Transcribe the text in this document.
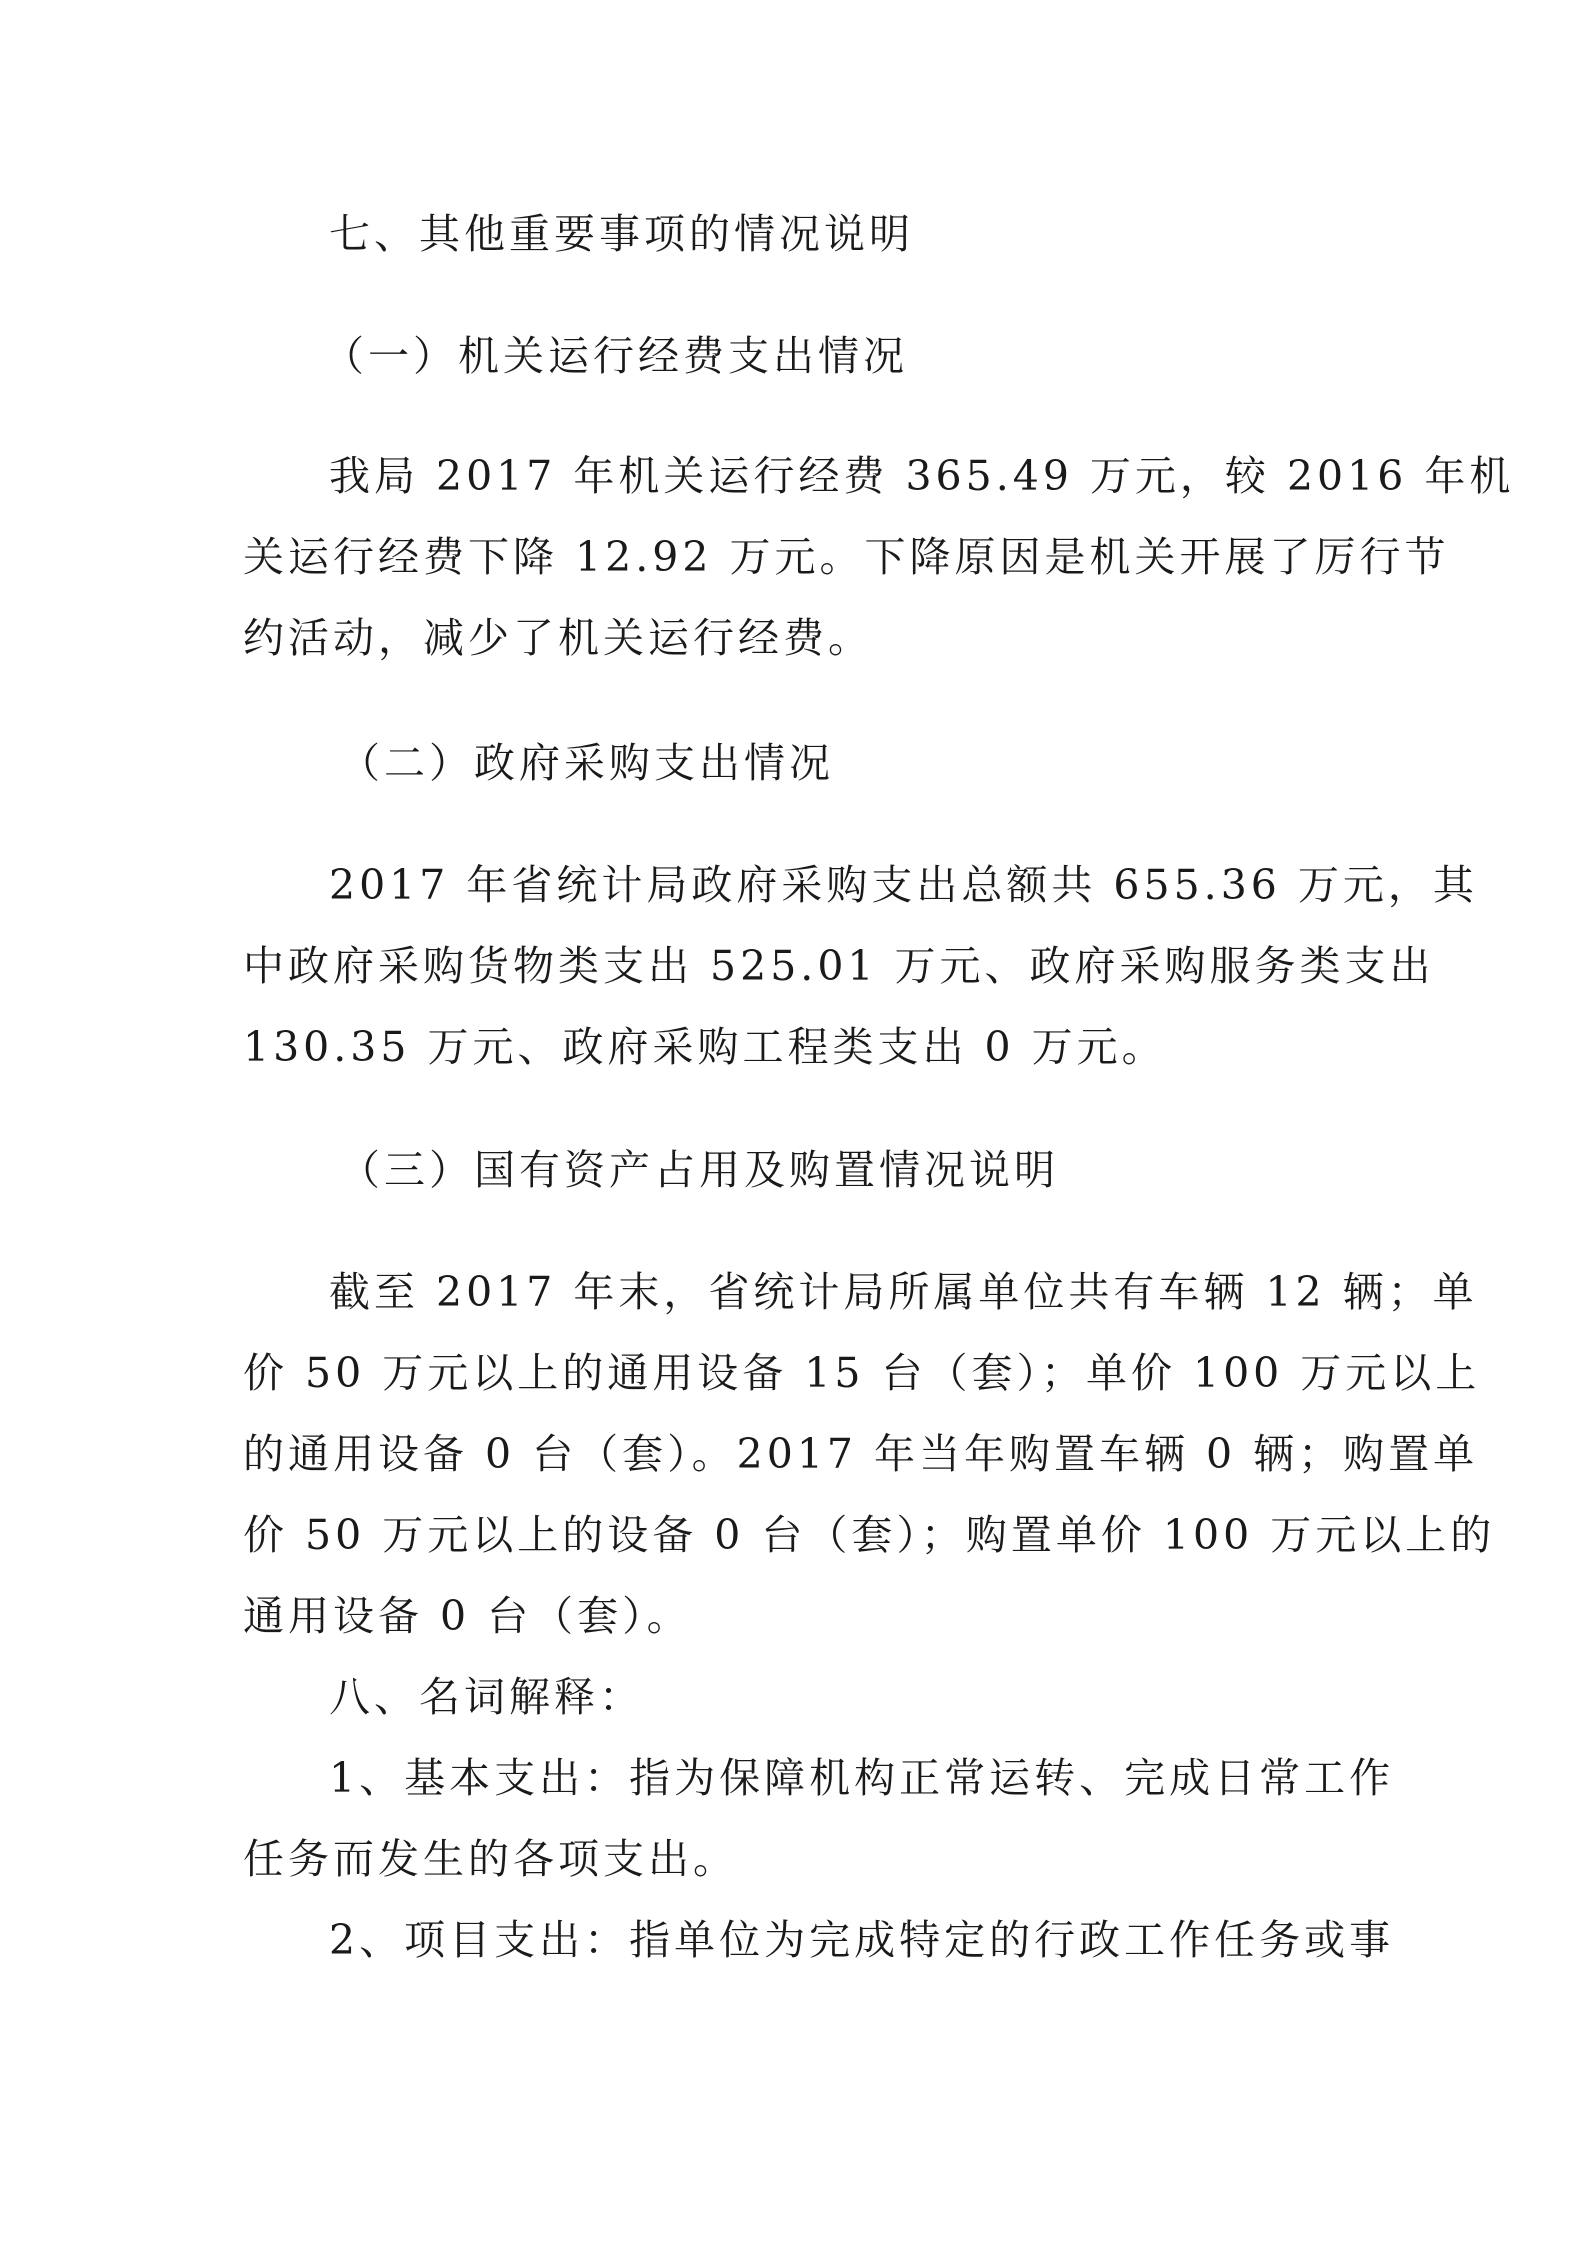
七、其他重要事项的情况说明
（一）机关运行经费支出情况
我局 2017 年机关运行经费 365.49 万元，较 2016 年机
关运行经费下降 12.92 万元。下降原因是机关开展了厉行节
约活动，减少了机关运行经费。
（二）政府采购支出情况
2017 年省统计局政府采购支出总额共 655.36 万元，其
中政府采购货物类支出 525.01 万元、政府采购服务类支出
130.35 万元、政府采购工程类支出 0 万元。
（三）国有资产占用及购置情况说明
截至 2017 年末，省统计局所属单位共有车辆 12 辆；单
价 50 万元以上的通用设备 15 台（套）；单价 100 万元以上
的通用设备 0 台（套）。2017 年当年购置车辆 0 辆；购置单
价 50 万元以上的设备 0 台（套）；购置单价 100 万元以上的
通用设备 0 台（套）。
八、名词解释：
1、基本支出：指为保障机构正常运转、完成日常工作
任务而发生的各项支出。
2、项目支出：指单位为完成特定的行政工作任务或事
